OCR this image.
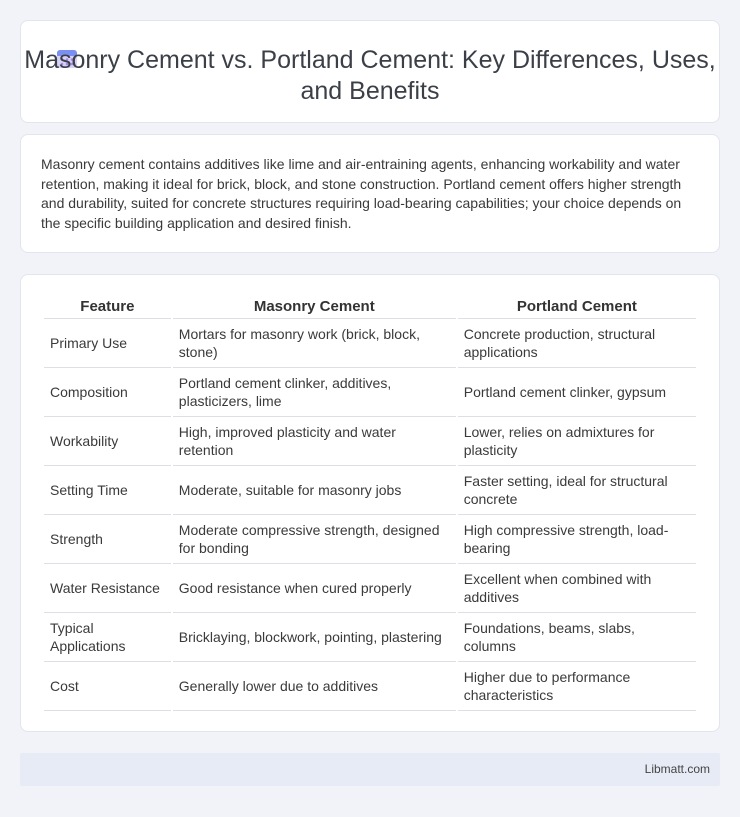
Masonry Cement vs. Portland Cement: Key Differences, Uses, and Benefits

Masonry cement contains additives like lime and air-entraining agents, enhancing workability and water retention, making it ideal for brick, block, and stone construction. Portland cement offers higher strength and durability, suited for concrete structures requiring load-bearing capabilities; your choice depends on the specific building application and desired finish.

Feature	Masonry Cement	Portland Cement
Primary Use	Mortars for masonry work (brick, block, stone)	Concrete production, structural applications
Composition	Portland cement clinker, additives, plasticizers, lime	Portland cement clinker, gypsum
Workability	High, improved plasticity and water retention	Lower, relies on admixtures for plasticity
Setting Time	Moderate, suitable for masonry jobs	Faster setting, ideal for structural concrete
Strength	Moderate compressive strength, designed for bonding	High compressive strength, load-bearing
Water Resistance	Good resistance when cured properly	Excellent when combined with additives
Typical Applications	Bricklaying, blockwork, pointing, plastering	Foundations, beams, slabs, columns
Cost	Generally lower due to additives	Higher due to performance characteristics
Libmatt.com
